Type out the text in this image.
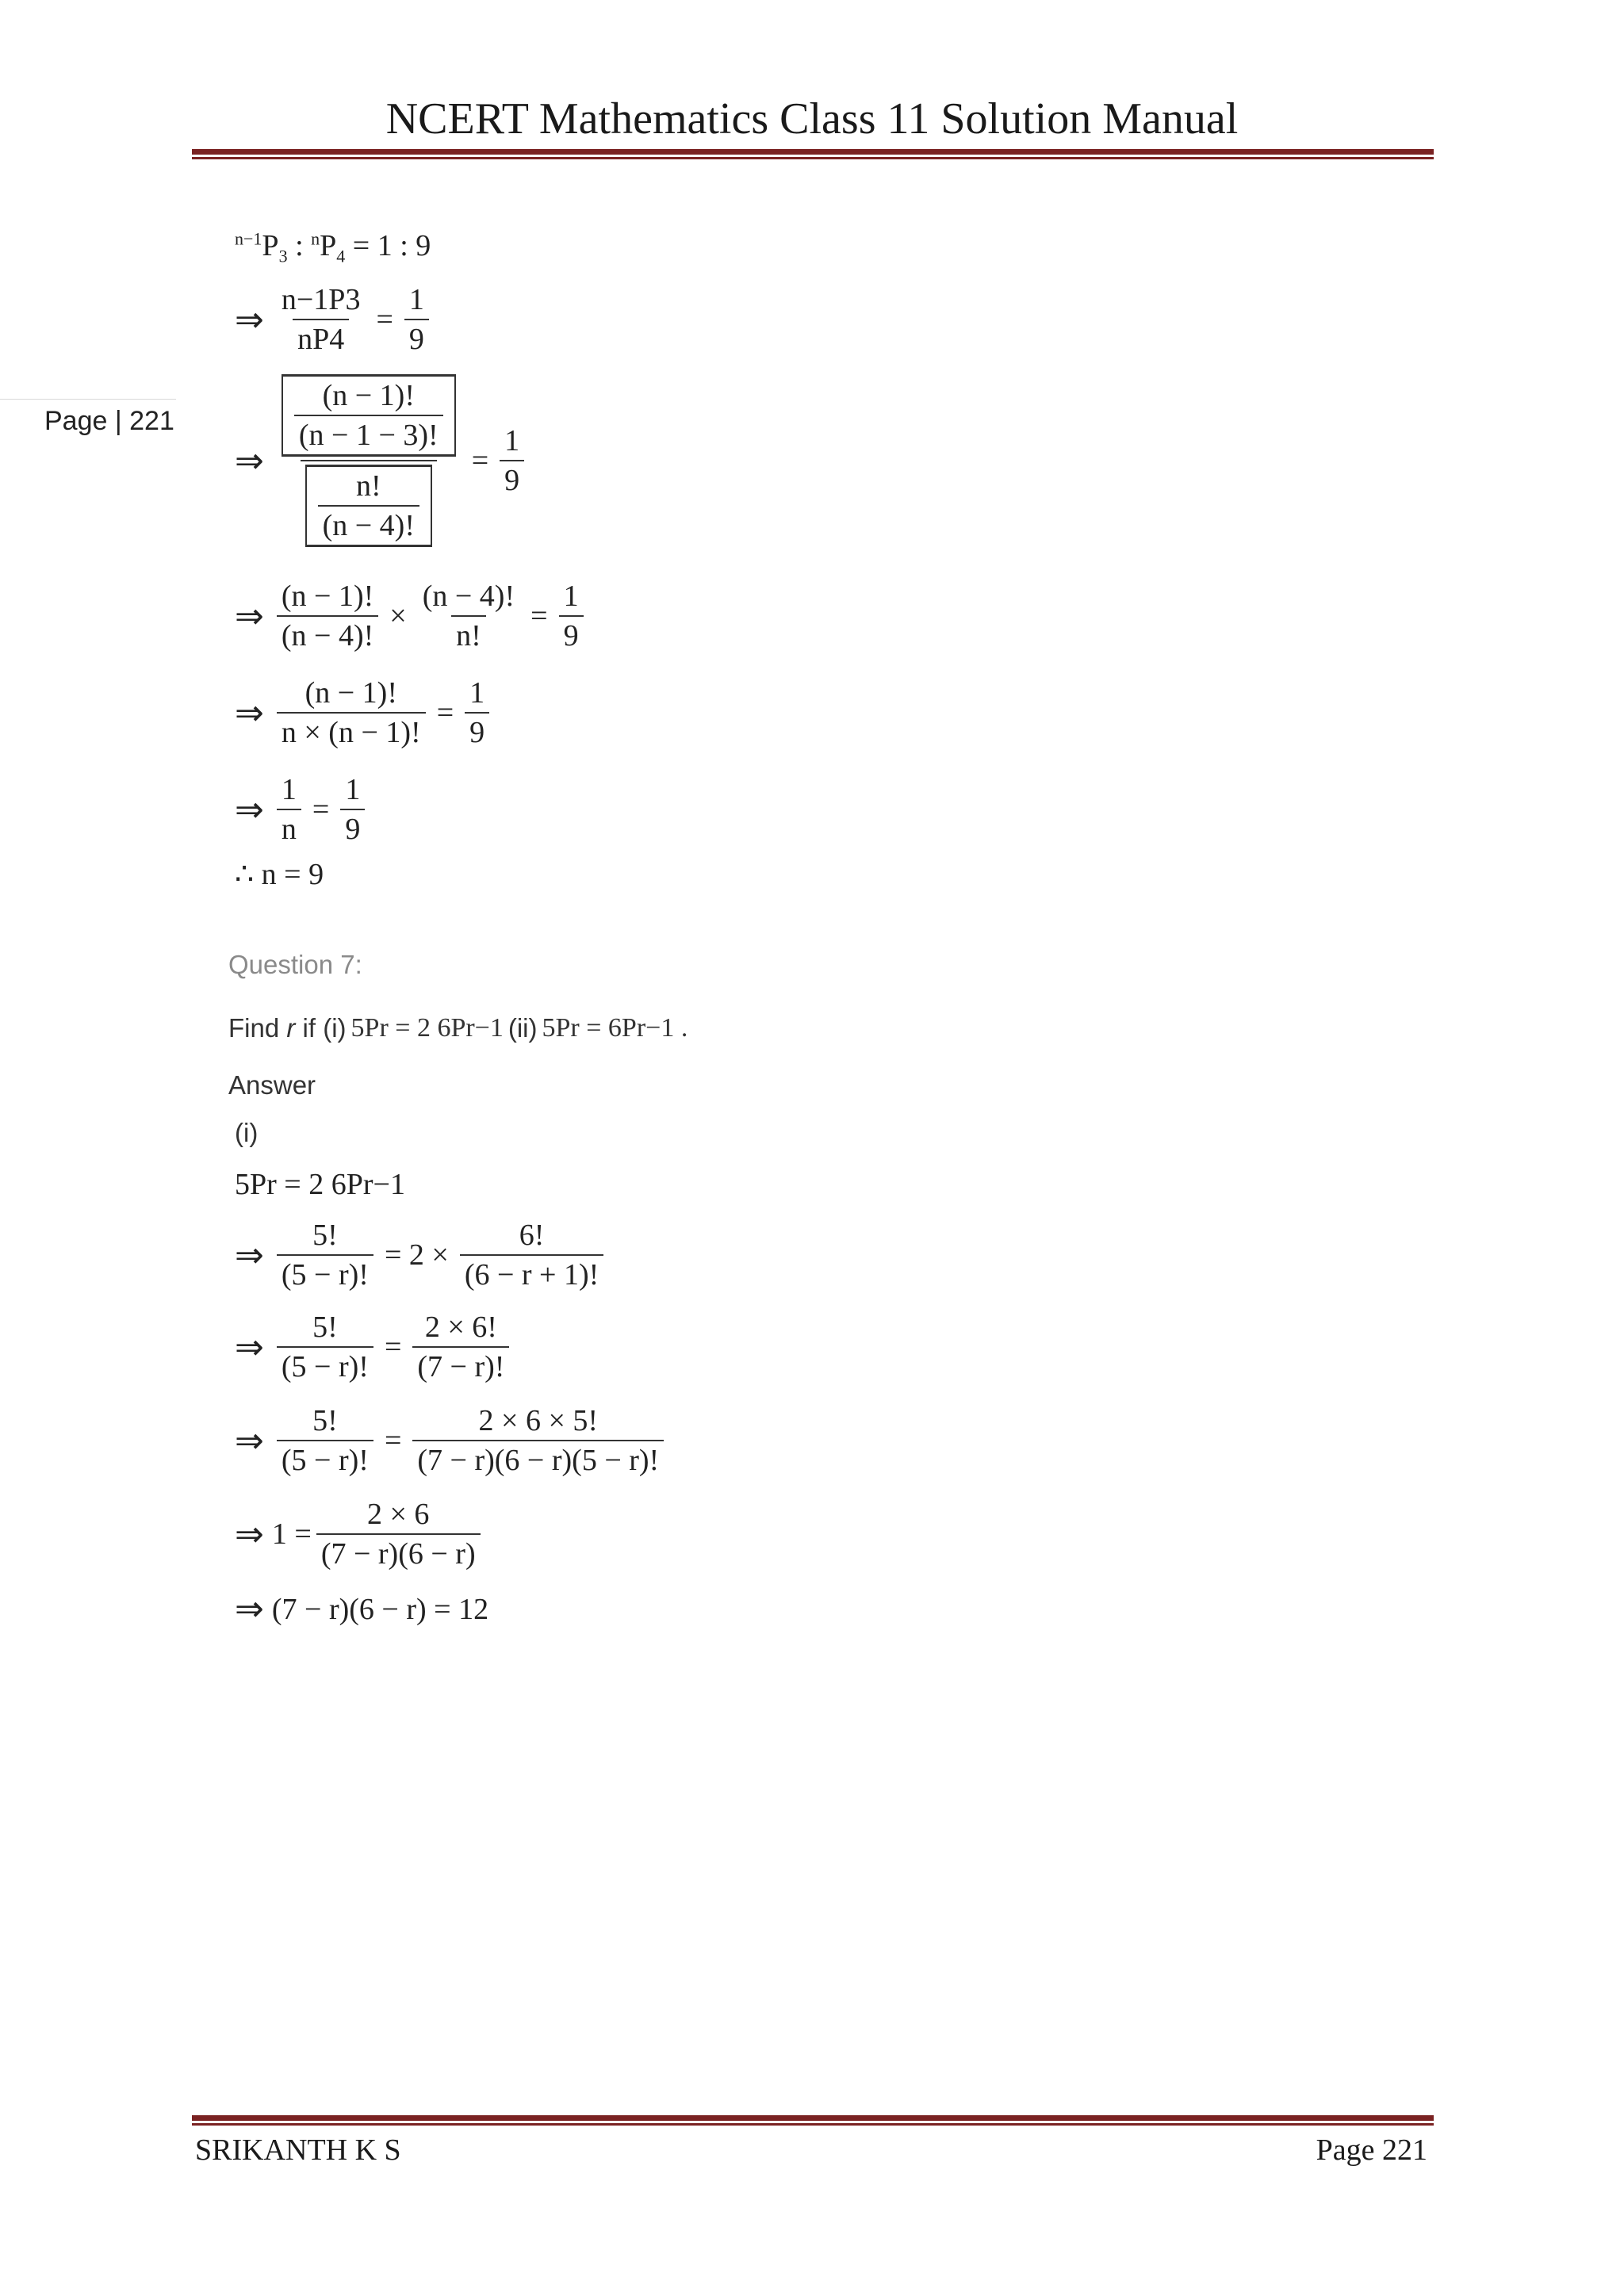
NCERT Mathematics Class 11 Solution Manual
Page | 221
$^{n-1}P_3$ : $^nP_4 = 1$ : 9
⇒ $\frac{n-1P3}{nP4} = \frac{1}{9}$
⇒ $\frac{\frac{(n - 1)!}{(n - 1 - 3)!}}{\frac{n!}{(n - 4)!}} = \frac{1}{9}$
⇒ $\frac{(n - 1)!}{(n - 4)!} \times \frac{(n - 4)!}{n!} = \frac{1}{9}$
⇒ $\frac{(n - 1)!}{n \times (n - 1)!} = \frac{1}{9}$
⇒ $\frac{1}{n} = \frac{1}{9}$
∴ n = 9
Question 7:
Find
r
if (i) 5Pr = 2 6Pr−1 (ii) 5Pr = 6Pr−1 .
Answer
(i)
5Pr = 2 6Pr−1
⇒ $\frac{5!}{(5 - r)!} = 2 \times \frac{6!}{(6 - r + 1)!}$
⇒ $\frac{5!}{(5 - r)!} = \frac{2 \times 6!}{(7 - r)!}$
⇒ $\frac{5!}{(5 - r)!} = \frac{2 \times 6 \times 5!}{(7 - r)(6 - r)(5 - r)!}$
⇒ $1 = \frac{2 \times 6}{(7 - r)(6 - r)}$
⇒ (7 − r)(6 − r) = 12
SRIKANTH K S	Page 221
